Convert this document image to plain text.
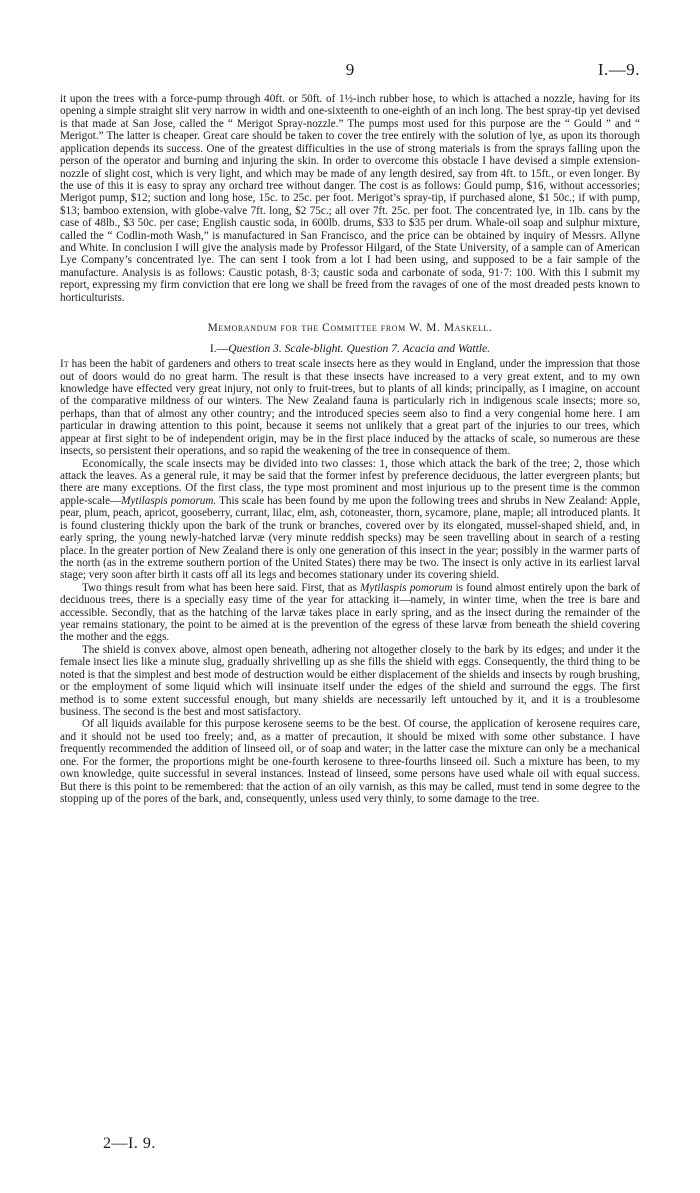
9	I.—9.

it upon the trees with a force-pump through 40ft. or 50ft. of 1½-inch rubber hose, to which is attached a nozzle, having for its opening a simple straight slit very narrow in width and one-sixteenth to one-eighth of an inch long. The best spray-tip yet devised is that made at San Jose, called the “ Merigot Spray-nozzle.” The pumps most used for this purpose are the “ Gould ” and “ Merigot.” The latter is cheaper. Great care should be taken to cover the tree entirely with the solution of lye, as upon its thorough application depends its success. One of the greatest difficulties in the use of strong materials is from the sprays falling upon the person of the operator and burning and injuring the skin. In order to overcome this obstacle I have devised a simple extension-nozzle of slight cost, which is very light, and which may be made of any length desired, say from 4ft. to 15ft., or even longer. By the use of this it is easy to spray any orchard tree without danger. The cost is as follows: Gould pump, $16, without accessories; Merigot pump, $12; suction and long hose, 15c. to 25c. per foot. Merigot’s spray-tip, if purchased alone, $1 50c.; if with pump, $13; bamboo extension, with globe-valve 7ft. long, $2 75c.; all over 7ft. 25c. per foot. The concentrated lye, in 1lb. cans by the case of 48lb., $3 50c. per case; English caustic soda, in 600lb. drums, $33 to $35 per drum. Whale-oil soap and sulphur mixture, called the “ Codlin-moth Wash,” is manufactured in San Francisco, and the price can be obtained by inquiry of Messrs. Allyne and White. In conclusion I will give the analysis made by Professor Hilgard, of the State University, of a sample can of American Lye Company’s concentrated lye. The can sent I took from a lot I had been using, and supposed to be a fair sample of the manufacture. Analysis is as follows: Caustic potash, 8·3; caustic soda and carbonate of soda, 91·7: 100. With this I submit my report, expressing my firm conviction that ere long we shall be freed from the ravages of one of the most dreaded pests known to horticulturists.

Memorandum for the Committee from W. M. Maskell.
I.—Question 3. Scale-blight. Question 7. Acacia and Wattle.

It has been the habit of gardeners and others to treat scale insects here as they would in England, under the impression that those out of doors would do no great harm. The result is that these insects have increased to a very great extent, and to my own knowledge have effected very great injury, not only to fruit-trees, but to plants of all kinds; principally, as I imagine, on account of the comparative mildness of our winters. The New Zealand fauna is particularly rich in indigenous scale insects; more so, perhaps, than that of almost any other country; and the introduced species seem also to find a very congenial home here. I am particular in drawing attention to this point, because it seems not unlikely that a great part of the injuries to our trees, which appear at first sight to be of independent origin, may be in the first place induced by the attacks of scale, so numerous are these insects, so persistent their operations, and so rapid the weakening of the tree in consequence of them.

Economically, the scale insects may be divided into two classes: 1, those which attack the bark of the tree; 2, those which attack the leaves. As a general rule, it may be said that the former infest by preference deciduous, the latter evergreen plants; but there are many exceptions. Of the first class, the type most prominent and most injurious up to the present time is the common apple-scale—Mytilaspis pomorum. This scale has been found by me upon the following trees and shrubs in New Zealand: Apple, pear, plum, peach, apricot, gooseberry, currant, lilac, elm, ash, cotoneaster, thorn, sycamore, plane, maple; all introduced plants. It is found clustering thickly upon the bark of the trunk or branches, covered over by its elongated, mussel-shaped shield, and, in early spring, the young newly-hatched larvæ (very minute reddish specks) may be seen travelling about in search of a resting place. In the greater portion of New Zealand there is only one generation of this insect in the year; possibly in the warmer parts of the north (as in the extreme southern portion of the United States) there may be two. The insect is only active in its earliest larval stage; very soon after birth it casts off all its legs and becomes stationary under its covering shield.

Two things result from what has been here said. First, that as Mytilaspis pomorum is found almost entirely upon the bark of deciduous trees, there is a specially easy time of the year for attacking it—namely, in winter time, when the tree is bare and accessible. Secondly, that as the hatching of the larvæ takes place in early spring, and as the insect during the remainder of the year remains stationary, the point to be aimed at is the prevention of the egress of these larvæ from beneath the shield covering the mother and the eggs.

The shield is convex above, almost open beneath, adhering not altogether closely to the bark by its edges; and under it the female insect lies like a minute slug, gradually shrivelling up as she fills the shield with eggs. Consequently, the third thing to be noted is that the simplest and best mode of destruction would be either displacement of the shields and insects by rough brushing, or the employment of some liquid which will insinuate itself under the edges of the shield and surround the eggs. The first method is to some extent successful enough, but many shields are necessarily left untouched by it, and it is a troublesome business. The second is the best and most satisfactory.

Of all liquids available for this purpose kerosene seems to be the best. Of course, the application of kerosene requires care, and it should not be used too freely; and, as a matter of precaution, it should be mixed with some other substance. I have frequently recommended the addition of linseed oil, or of soap and water; in the latter case the mixture can only be a mechanical one. For the former, the proportions might be one-fourth kerosene to three-fourths linseed oil. Such a mixture has been, to my own knowledge, quite successful in several instances. Instead of linseed, some persons have used whale oil with equal success. But there is this point to be remembered: that the action of an oily varnish, as this may be called, must tend in some degree to the stopping up of the pores of the bark, and, consequently, unless used very thinly, to some damage to the tree.

2—I. 9.
